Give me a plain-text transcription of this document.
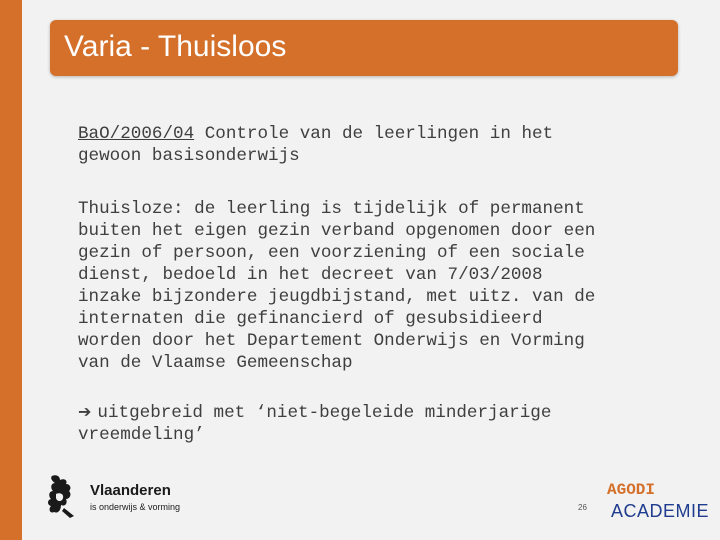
Varia - Thuisloos
BaO/2006/04 Controle van de leerlingen in het
gewoon basisonderwijs
Thuisloze: de leerling is tijdelijk of permanent
buiten het eigen gezin verband opgenomen door een
gezin of persoon, een voorziening of een sociale
dienst, bedoeld in het decreet van 7/03/2008
inzake bijzondere jeugdbijstand, met uitz. van de
internaten die gefinancierd of gesubsidieerd
worden door het Departement Onderwijs en Vorming
van de Vlaamse Gemeenschap
➔ uitgebreid met ‘niet-begeleide minderjarige
vreemdeling’
Vlaanderen
is onderwijs & vorming	26
AGODI
ACADEMIE
